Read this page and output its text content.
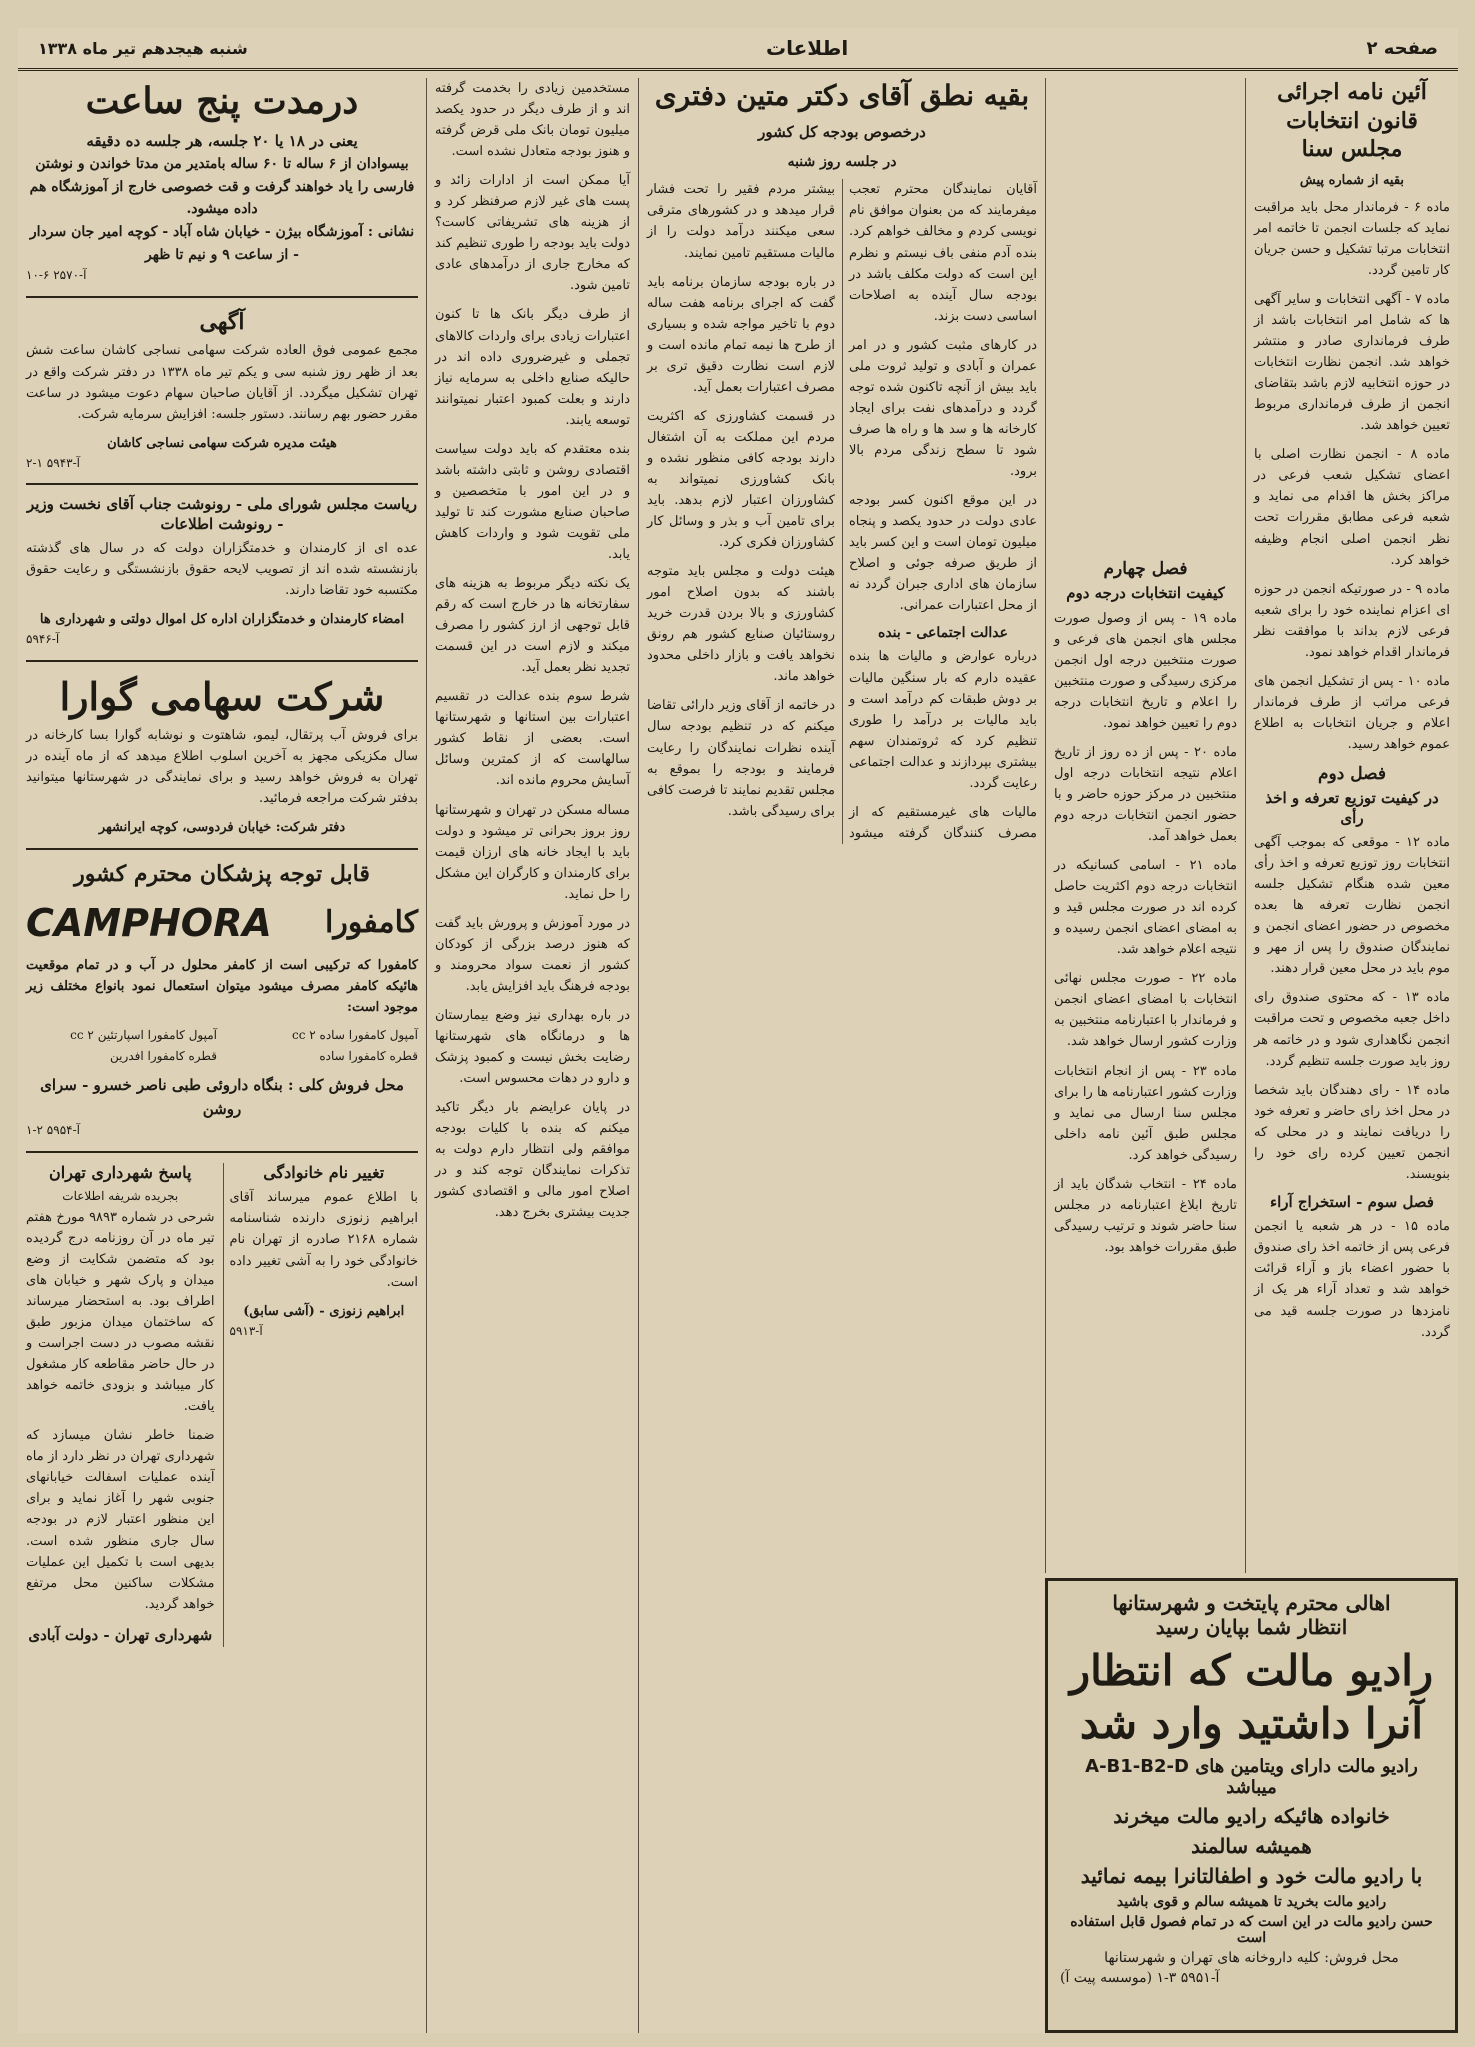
صفحه ۲
اطلاعات
شنبه هیجدهم تیر ماه ۱۳۳۸
آئین نامه اجرائی قانون انتخابات مجلس سنا
بقیه از شماره پیش

ماده ۶ - فرماندار محل باید مراقبت نماید که جلسات انجمن تا خاتمه امر انتخابات مرتبا تشکیل و حسن جریان کار تامین گردد.

ماده ۷ - آگهی انتخابات و سایر آگهی ها که شامل امر انتخابات باشد از طرف فرمانداری صادر و منتشر خواهد شد. انجمن نظارت انتخابات در حوزه انتخابیه لازم باشد بتقاضای انجمن از طرف فرمانداری مربوط تعیین خواهد شد.

ماده ۸ - انجمن نظارت اصلی با اعضای تشکیل شعب فرعی در مراکز بخش ها اقدام می نماید و شعبه فرعی مطابق مقررات تحت نظر انجمن اصلی انجام وظیفه خواهد کرد.

ماده ۹ - در صورتیکه انجمن در حوزه ای اعزام نماینده خود را برای شعبه فرعی لازم بداند با موافقت نظر فرماندار اقدام خواهد نمود.

ماده ۱۰ - پس از تشکیل انجمن های فرعی مراتب از طرف فرماندار اعلام و جریان انتخابات به اطلاع عموم خواهد رسید.

فصل دوم
در کیفیت توزیع تعرفه و اخذ رأی

ماده ۱۲ - موقعی که بموجب آگهی انتخابات روز توزیع تعرفه و اخذ رأی معین شده هنگام تشکیل جلسه انجمن نظارت تعرفه ها بعده مخصوص در حضور اعضای انجمن و نمایندگان صندوق را پس از مهر و موم باید در محل معین قرار دهند.

ماده ۱۳ - که محتوی صندوق رای داخل جعبه مخصوص و تحت مراقبت انجمن نگاهداری شود و در خاتمه هر روز باید صورت جلسه تنظیم گردد.

ماده ۱۴ - رای دهندگان باید شخصا در محل اخذ رای حاضر و تعرفه خود را دریافت نمایند و در محلی که انجمن تعیین کرده رای خود را بنویسند.

فصل سوم - استخراج آراء

ماده ۱۵ - در هر شعبه یا انجمن فرعی پس از خاتمه اخذ رای صندوق با حضور اعضاء باز و آراء قرائت خواهد شد و تعداد آراء هر یک از نامزدها در صورت جلسه قید می گردد.

فصل چهارم
کیفیت انتخابات درجه دوم

ماده ۱۹ - پس از وصول صورت مجلس های انجمن های فرعی و صورت منتخبین درجه اول انجمن مرکزی رسیدگی و صورت منتخبین را اعلام و تاریخ انتخابات درجه دوم را تعیین خواهد نمود.

ماده ۲۰ - پس از ده روز از تاریخ اعلام نتیجه انتخابات درجه اول منتخبین در مرکز حوزه حاضر و با حضور انجمن انتخابات درجه دوم بعمل خواهد آمد.

ماده ۲۱ - اسامی کسانیکه در انتخابات درجه دوم اکثریت حاصل کرده اند در صورت مجلس قید و به امضای اعضای انجمن رسیده و نتیجه اعلام خواهد شد.

ماده ۲۲ - صورت مجلس نهائی انتخابات با امضای اعضای انجمن و فرماندار با اعتبارنامه منتخبین به وزارت کشور ارسال خواهد شد.

ماده ۲۳ - پس از انجام انتخابات وزارت کشور اعتبارنامه ها را برای مجلس سنا ارسال می نماید و مجلس طبق آئین نامه داخلی رسیدگی خواهد کرد.

ماده ۲۴ - انتخاب شدگان باید از تاریخ ابلاغ اعتبارنامه در مجلس سنا حاضر شوند و ترتیب رسیدگی طبق مقررات خواهد بود.

بقیه نطق آقای دکتر متین دفتری
درخصوص بودجه کل کشور
در جلسه روز شنبه

آقایان نمایندگان محترم تعجب میفرمایند که من بعنوان موافق نام نویسی کردم و مخالف خواهم کرد. بنده آدم منفی باف نیستم و نظرم این است که دولت مکلف باشد در بودجه سال آینده به اصلاحات اساسی دست بزند.

در کارهای مثبت کشور و در امر عمران و آبادی و تولید ثروت ملی باید بیش از آنچه تاکنون شده توجه گردد و درآمدهای نفت برای ایجاد کارخانه ها و سد ها و راه ها صرف شود تا سطح زندگی مردم بالا برود.

در این موقع اکنون کسر بودجه عادی دولت در حدود یکصد و پنجاه میلیون تومان است و این کسر باید از طریق صرفه جوئی و اصلاح سازمان های اداری جبران گردد نه از محل اعتبارات عمرانی.

عدالت اجتماعی - بنده

درباره عوارض و مالیات ها بنده عقیده دارم که بار سنگین مالیات بر دوش طبقات کم درآمد است و باید مالیات بر درآمد را طوری تنظیم کرد که ثروتمندان سهم بیشتری بپردازند و عدالت اجتماعی رعایت گردد.

مالیات های غیرمستقیم که از مصرف کنندگان گرفته میشود بیشتر مردم فقیر را تحت فشار قرار میدهد و در کشورهای مترقی سعی میکنند درآمد دولت را از مالیات مستقیم تامین نمایند.

در باره بودجه سازمان برنامه باید گفت که اجرای برنامه هفت ساله دوم با تاخیر مواجه شده و بسیاری از طرح ها نیمه تمام مانده است و لازم است نظارت دقیق تری بر مصرف اعتبارات بعمل آید.

در قسمت کشاورزی که اکثریت مردم این مملکت به آن اشتغال دارند بودجه کافی منظور نشده و بانک کشاورزی نمیتواند به کشاورزان اعتبار لازم بدهد. باید برای تامین آب و بذر و وسائل کار کشاورزان فکری کرد.

هیئت دولت و مجلس باید متوجه باشند که بدون اصلاح امور کشاورزی و بالا بردن قدرت خرید روستائیان صنایع کشور هم رونق نخواهد یافت و بازار داخلی محدود خواهد ماند.

در خاتمه از آقای وزیر دارائی تقاضا میکنم که در تنظیم بودجه سال آینده نظرات نمایندگان را رعایت فرمایند و بودجه را بموقع به مجلس تقدیم نمایند تا فرصت کافی برای رسیدگی باشد.

مستخدمین زیادی را بخدمت گرفته اند و از طرف دیگر در حدود یکصد میلیون تومان بانک ملی قرض گرفته و هنوز بودجه متعادل نشده است.

آیا ممکن است از ادارات زائد و پست های غیر لازم صرفنظر کرد و از هزینه های تشریفاتی کاست؟ دولت باید بودجه را طوری تنظیم کند که مخارج جاری از درآمدهای عادی تامین شود.

از طرف دیگر بانک ها تا کنون اعتبارات زیادی برای واردات کالاهای تجملی و غیرضروری داده اند در حالیکه صنایع داخلی به سرمایه نیاز دارند و بعلت کمبود اعتبار نمیتوانند توسعه یابند.

بنده معتقدم که باید دولت سیاست اقتصادی روشن و ثابتی داشته باشد و در این امور با متخصصین و صاحبان صنایع مشورت کند تا تولید ملی تقویت شود و واردات کاهش یابد.

یک نکته دیگر مربوط به هزینه های سفارتخانه ها در خارج است که رقم قابل توجهی از ارز کشور را مصرف میکند و لازم است در این قسمت تجدید نظر بعمل آید.

شرط سوم بنده عدالت در تقسیم اعتبارات بین استانها و شهرستانها است. بعضی از نقاط کشور سالهاست که از کمترین وسائل آسایش محروم مانده اند.

مساله مسکن در تهران و شهرستانها روز بروز بحرانی تر میشود و دولت باید با ایجاد خانه های ارزان قیمت برای کارمندان و کارگران این مشکل را حل نماید.

در مورد آموزش و پرورش باید گفت که هنوز درصد بزرگی از کودکان کشور از نعمت سواد محرومند و بودجه فرهنگ باید افزایش یابد.

در باره بهداری نیز وضع بیمارستان ها و درمانگاه های شهرستانها رضایت بخش نیست و کمبود پزشک و دارو در دهات محسوس است.

در پایان عرایضم بار دیگر تاکید میکنم که بنده با کلیات بودجه موافقم ولی انتظار دارم دولت به تذکرات نمایندگان توجه کند و در اصلاح امور مالی و اقتصادی کشور جدیت بیشتری بخرج دهد.

درمدت پنج ساعت
یعنی در ۱۸ یا ۲۰ جلسه، هر جلسه ده دقیقه
بیسوادان از ۶ ساله تا ۶۰ ساله بامتدیر من مدتا خواندن و نوشتن فارسی را یاد خواهند گرفت و قت خصوصی خارج از آموزشگاه هم داده میشود.
نشانی : آموزشگاه بیژن - خیابان شاه آباد - کوچه امیر جان سردار - از ساعت ۹ و نیم تا ظهر
آ-۲۵۷۰ ۶-۱۰
آگهی

مجمع عمومی فوق العاده شرکت سهامی نساجی کاشان ساعت شش بعد از ظهر روز شنبه سی و یکم تیر ماه ۱۳۳۸ در دفتر شرکت واقع در تهران تشکیل میگردد. از آقایان صاحبان سهام دعوت میشود در ساعت مقرر حضور بهم رسانند. دستور جلسه: افزایش سرمایه شرکت.

هیئت مدیره شرکت سهامی نساجی کاشان
آ-۵۹۴۳ ۱-۲
ریاست مجلس شورای ملی - رونوشت جناب آقای نخست وزیر - رونوشت اطلاعات

عده ای از کارمندان و خدمتگزاران دولت که در سال های گذشته بازنشسته شده اند از تصویب لایحه حقوق بازنشستگی و رعایت حقوق مکتسبه خود تقاضا دارند.

امضاء کارمندان و خدمتگزاران اداره کل اموال دولتی و شهرداری ها
آ-۵۹۴۶
شرکت سهامی گوارا

برای فروش آب پرتقال، لیمو، شاهتوت و نوشابه گوارا بسا کارخانه در سال مکزیکی مجهز به آخرین اسلوب اطلاع میدهد که از ماه آینده در تهران به فروش خواهد رسید و برای نمایندگی در شهرستانها میتوانید بدفتر شرکت مراجعه فرمائید.

دفتر شرکت: خیابان فردوسی، کوچه ایرانشهر
قابل توجه پزشکان محترم کشور
کامفورا
CAMPHORA

کامفورا که ترکیبی است از کامفر محلول در آب و در تمام موقعیت هائیکه کامفر مصرف میشود میتوان استعمال نمود بانواع مختلف زیر موجود است:

آمپول کامفورا ساده ۲ cc
آمپول کامفورا اسپارتئین ۲ cc
قطره کامفورا ساده
قطره کامفورا افدرین
محل فروش کلی : بنگاه داروئی طبی ناصر خسرو - سرای روشن
آ-۵۹۵۴ ۲-۱
تغییر نام خانوادگی

با اطلاع عموم میرساند آقای ابراهیم زنوزی دارنده شناسنامه شماره ۲۱۶۸ صادره از تهران نام خانوادگی خود را به آشی تغییر داده است.

ابراهیم زنوزی - (آشی سابق)
آ-۵۹۱۳
پاسخ شهرداری تهران
بجریده شریفه اطلاعات

شرحی در شماره ۹۸۹۳ مورخ هفتم تیر ماه در آن روزنامه درج گردیده بود که متضمن شکایت از وضع میدان و پارک شهر و خیابان های اطراف بود. به استحضار میرساند که ساختمان میدان مزبور طبق نقشه مصوب در دست اجراست و در حال حاضر مقاطعه کار مشغول کار میباشد و بزودی خاتمه خواهد یافت.

ضمنا خاطر نشان میسازد که شهرداری تهران در نظر دارد از ماه آینده عملیات اسفالت خیابانهای جنوبی شهر را آغاز نماید و برای این منظور اعتبار لازم در بودجه سال جاری منظور شده است. بدیهی است با تکمیل این عملیات مشکلات ساکنین محل مرتفع خواهد گردید.

شهرداری تهران - دولت آبادی
اهالی محترم پایتخت و شهرستانها
انتظار شما بپایان رسید
رادیو مالت که انتظار
آنرا داشتید وارد شد
رادیو مالت دارای ویتامین های A-B1-B2-D میباشد
خانواده هائیکه رادیو مالت میخرند
همیشه سالمند
با رادیو مالت خود و اطفالتانرا بیمه نمائید
رادیو مالت بخرید تا همیشه سالم و قوی باشید
حسن رادیو مالت در این است که در تمام فصول قابل استفاده است
محل فروش: کلیه داروخانه های تهران و شهرستانها
آ-۵۹۵۱ ۳-۱ (موسسه پیت آ)
